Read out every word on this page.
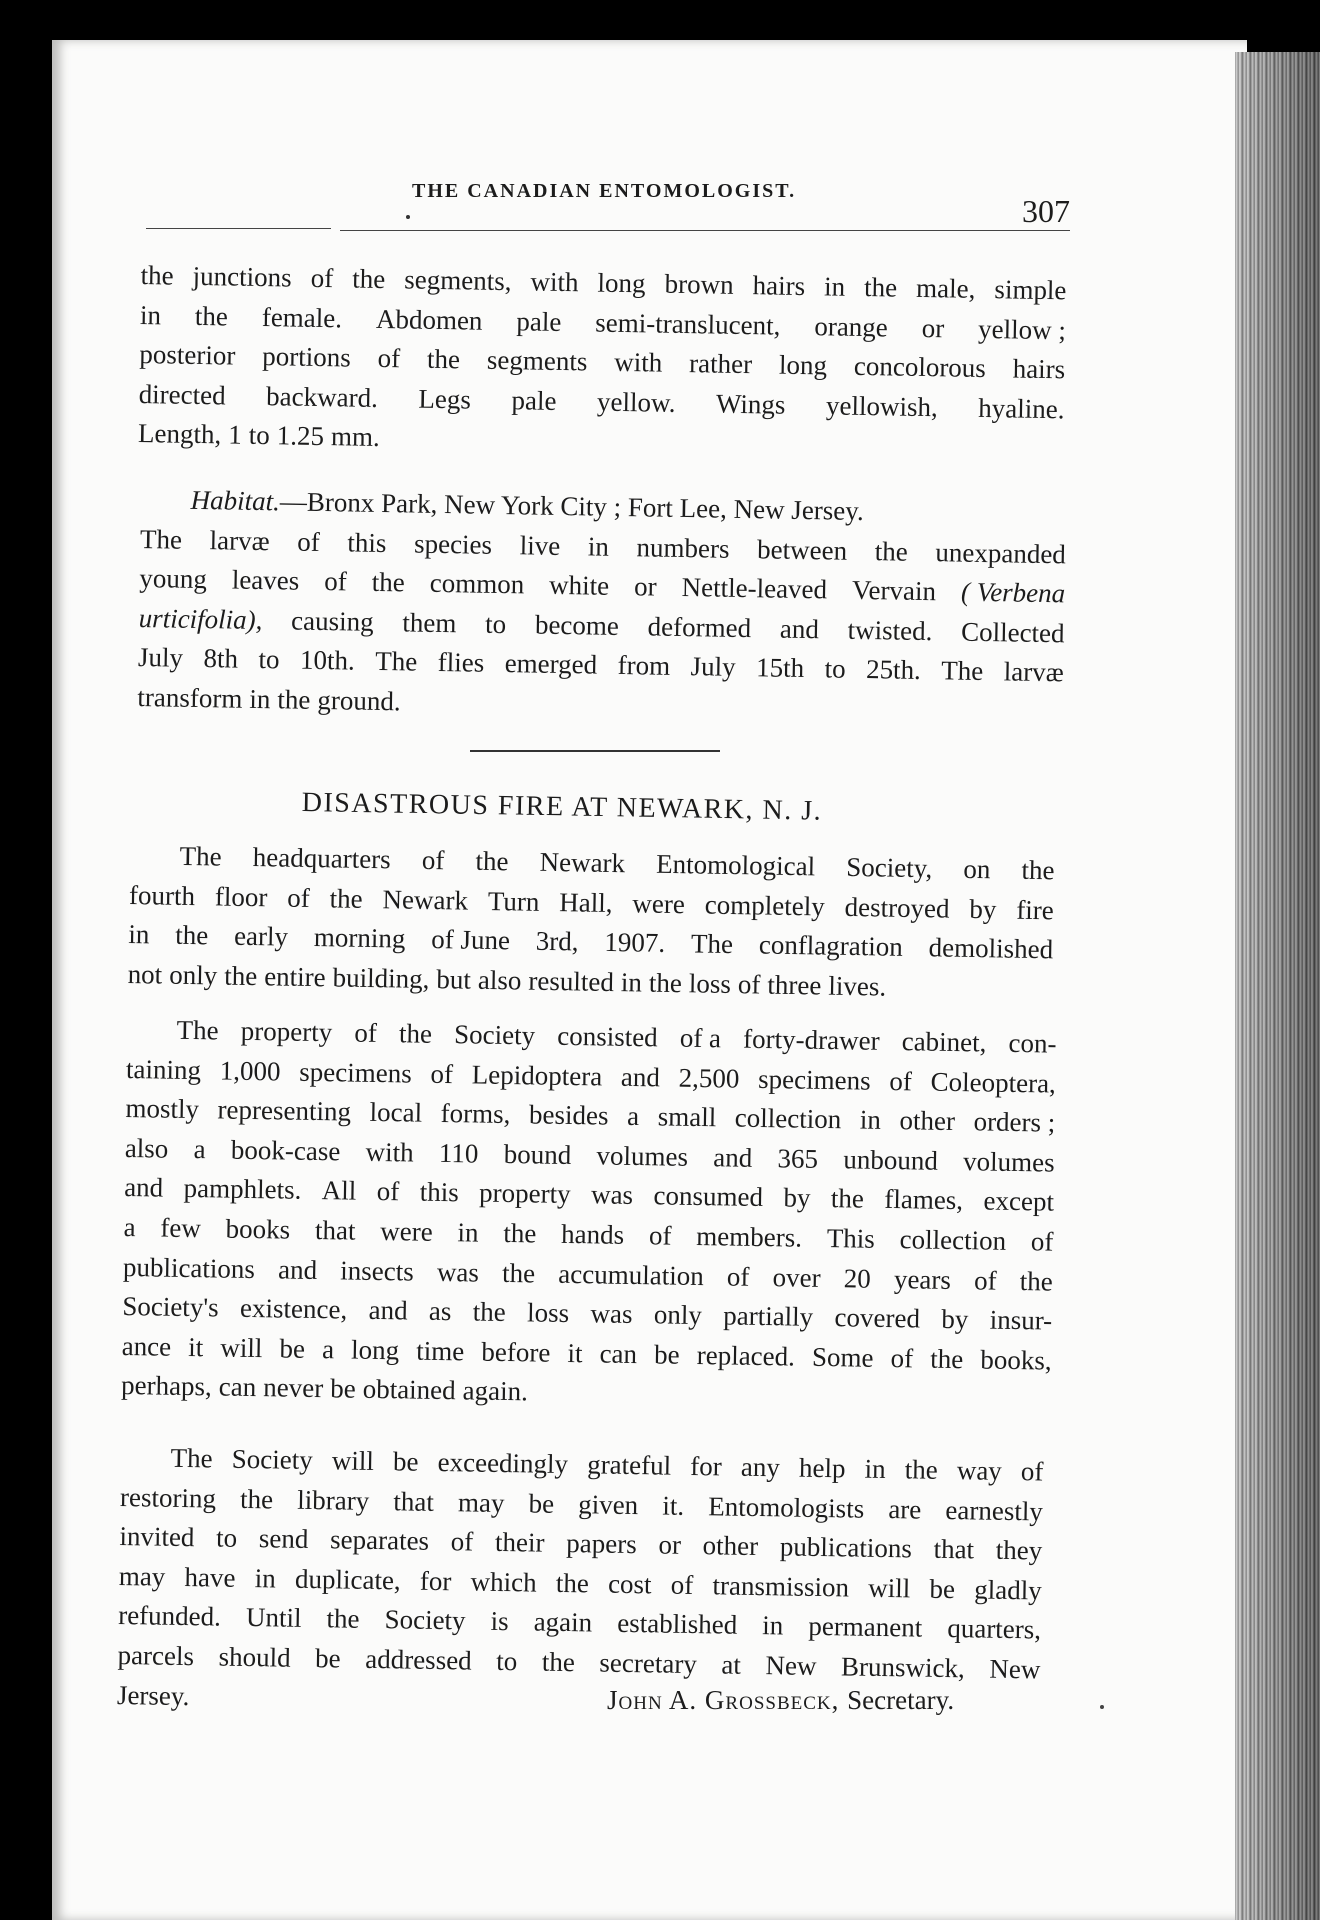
THE CANADIAN ENTOMOLOGIST.
307
the junctions of the segments, with long brown hairs in the male, simple
in the female. Abdomen pale semi-translucent, orange or yellow ;
posterior portions of the segments with rather long concolorous hairs
directed backward. Legs pale yellow. Wings yellowish, hyaline.
Length, 1 to 1.25 mm.
Habitat.—Bronx Park, New York City ; Fort Lee, New Jersey.
The larvæ of this species live in numbers between the unexpanded
young leaves of the common white or Nettle-leaved Vervain ( Verbena
urticifolia), causing them to become deformed and twisted. Collected
July 8th to 10th. The flies emerged from July 15th to 25th. The larvæ
transform in the ground.
DISASTROUS FIRE AT NEWARK, N. J.
The headquarters of the Newark Entomological Society, on the
fourth floor of the Newark Turn Hall, were completely destroyed by fire
in the early morning of June 3rd, 1907. The conflagration demolished
not only the entire building, but also resulted in the loss of three lives.
The property of the Society consisted of a forty-drawer cabinet, con-
taining 1,000 specimens of Lepidoptera and 2,500 specimens of Coleoptera,
mostly representing local forms, besides a small collection in other orders ;
also a book-case with 110 bound volumes and 365 unbound volumes
and pamphlets. All of this property was consumed by the flames, except
a few books that were in the hands of members. This collection of
publications and insects was the accumulation of over 20 years of the
Society's existence, and as the loss was only partially covered by insur-
ance it will be a long time before it can be replaced. Some of the books,
perhaps, can never be obtained again.
The Society will be exceedingly grateful for any help in the way of
restoring the library that may be given it. Entomologists are earnestly
invited to send separates of their papers or other publications that they
may have in duplicate, for which the cost of transmission will be gladly
refunded. Until the Society is again established in permanent quarters,
parcels should be addressed to the secretary at New Brunswick, New
Jersey.	John A. Grossbeck, Secretary.
